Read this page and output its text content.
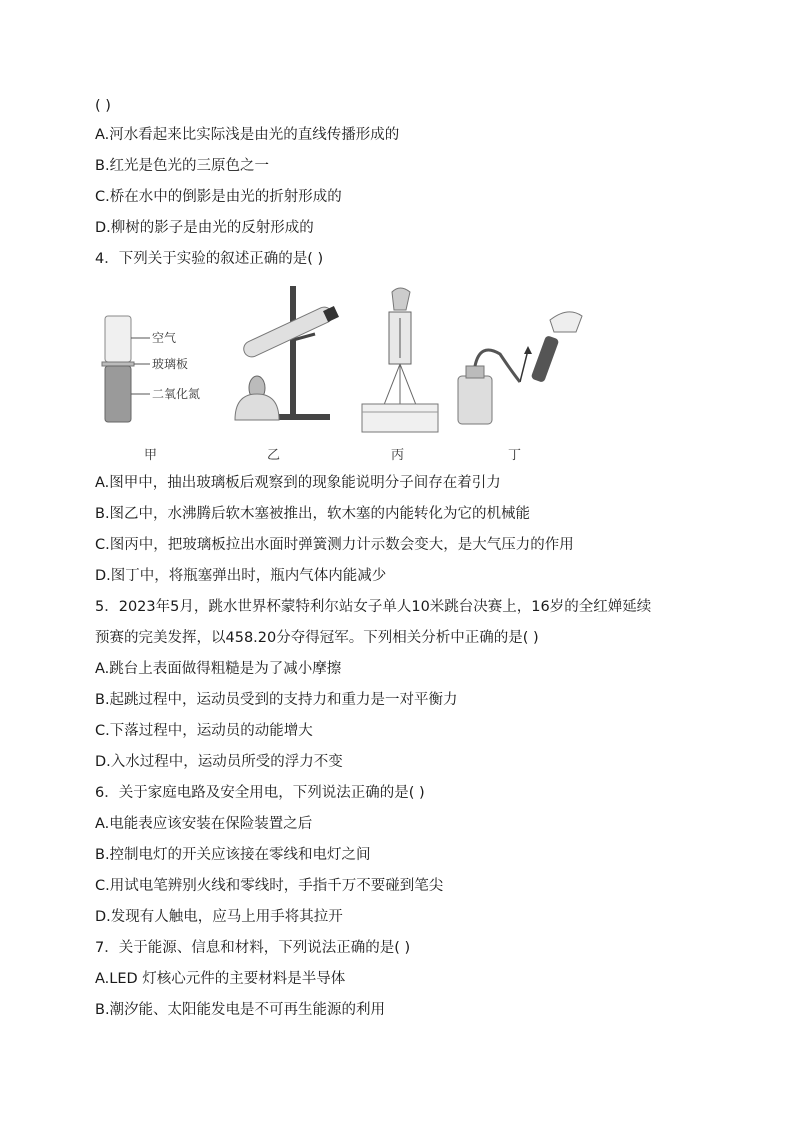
( )
A.河水看起来比实际浅是由光的直线传播形成的
B.红光是色光的三原色之一
C.桥在水中的倒影是由光的折射形成的
D.柳树的影子是由光的反射形成的
4．下列关于实验的叙述正确的是( )
空气
玻璃板
二氧化氮
甲	乙	丙	丁
A.图甲中，抽出玻璃板后观察到的现象能说明分子间存在着引力
B.图乙中，水沸腾后软木塞被推出，软木塞的内能转化为它的机械能
C.图丙中，把玻璃板拉出水面时弹簧测力计示数会变大，是大气压力的作用
D.图丁中，将瓶塞弹出时，瓶内气体内能减少
5．2023年5月，跳水世界杯蒙特利尔站女子单人10米跳台决赛上，16岁的全红婵延续
预赛的完美发挥，以458.20分夺得冠军。下列相关分析中正确的是( )
A.跳台上表面做得粗糙是为了减小摩擦
B.起跳过程中，运动员受到的支持力和重力是一对平衡力
C.下落过程中，运动员的动能增大
D.入水过程中，运动员所受的浮力不变
6．关于家庭电路及安全用电，下列说法正确的是( )
A.电能表应该安装在保险装置之后
B.控制电灯的开关应该接在零线和电灯之间
C.用试电笔辨别火线和零线时，手指千万不要碰到笔尖
D.发现有人触电，应马上用手将其拉开
7．关于能源、信息和材料，下列说法正确的是( )
A.LED 灯核心元件的主要材料是半导体
B.潮汐能、太阳能发电是不可再生能源的利用
